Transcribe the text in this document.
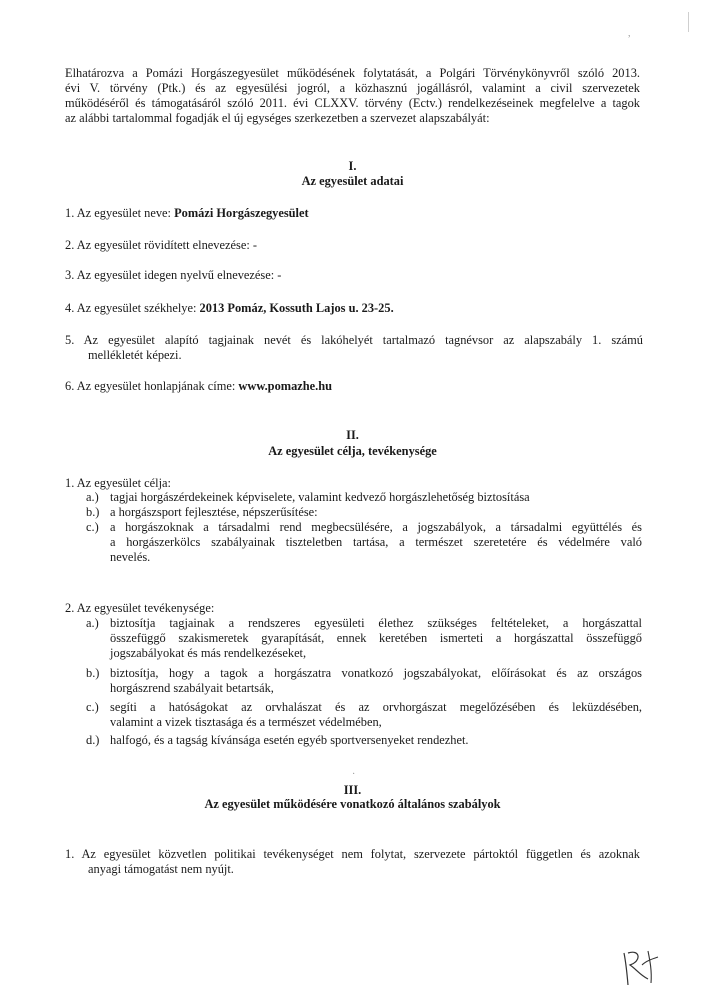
,
Elhatározva a Pomázi Horgászegyesület működésének folytatását, a Polgári Törvénykönyvről szóló 2013.
évi V. törvény (Ptk.) és az egyesülési jogról, a közhasznú jogállásról, valamint a civil szervezetek
működéséről és támogatásáról szóló 2011. évi CLXXV. törvény (Ectv.) rendelkezéseinek megfelelve a tagok
az alábbi tartalommal fogadják el új egységes szerkezetben a szervezet alapszabályát:
I.
Az egyesület adatai
1. Az egyesület neve: Pomázi Horgászegyesület
2. Az egyesület rövidített elnevezése: -
3. Az egyesület idegen nyelvű elnevezése: -
4. Az egyesület székhelye: 2013 Pomáz, Kossuth Lajos u. 23-25.
5. Az egyesület alapító tagjainak nevét és lakóhelyét tartalmazó tagnévsor az alapszabály 1. számú
mellékletét képezi.
6. Az egyesület honlapjának címe: www.pomazhe.hu
II.
Az egyesület célja, tevékenysége
1. Az egyesület célja:
a.) tagjai horgászérdekeinek képviselete, valamint kedvező horgászlehetőség biztosítása
b.) a horgászsport fejlesztése, népszerűsítése:
c.) a horgászoknak a társadalmi rend megbecsülésére, a jogszabályok, a társadalmi együttélés és
a horgászerkölcs szabályainak tiszteletben tartása, a természet szeretetére és védelmére való
nevelés.
2. Az egyesület tevékenysége:
a.) biztosítja tagjainak a rendszeres egyesületi élethez szükséges feltételeket, a horgászattal
összefüggő szakismeretek gyarapítását, ennek keretében ismerteti a horgászattal összefüggő
jogszabályokat és más rendelkezéseket,
b.) biztosítja, hogy a tagok a horgászatra vonatkozó jogszabályokat, előírásokat és az országos
horgászrend szabályait betartsák,
c.) segíti a hatóságokat az orvhalászat és az orvhorgászat megelőzésében és leküzdésében,
valamint a vizek tisztasága és a természet védelmében,
d.) halfogó, és a tagság kívánsága esetén egyéb sportversenyeket rendezhet.
·
III.
Az egyesület működésére vonatkozó általános szabályok
1. Az egyesület közvetlen politikai tevékenységet nem folytat, szervezete pártoktól független és azoknak
anyagi támogatást nem nyújt.
